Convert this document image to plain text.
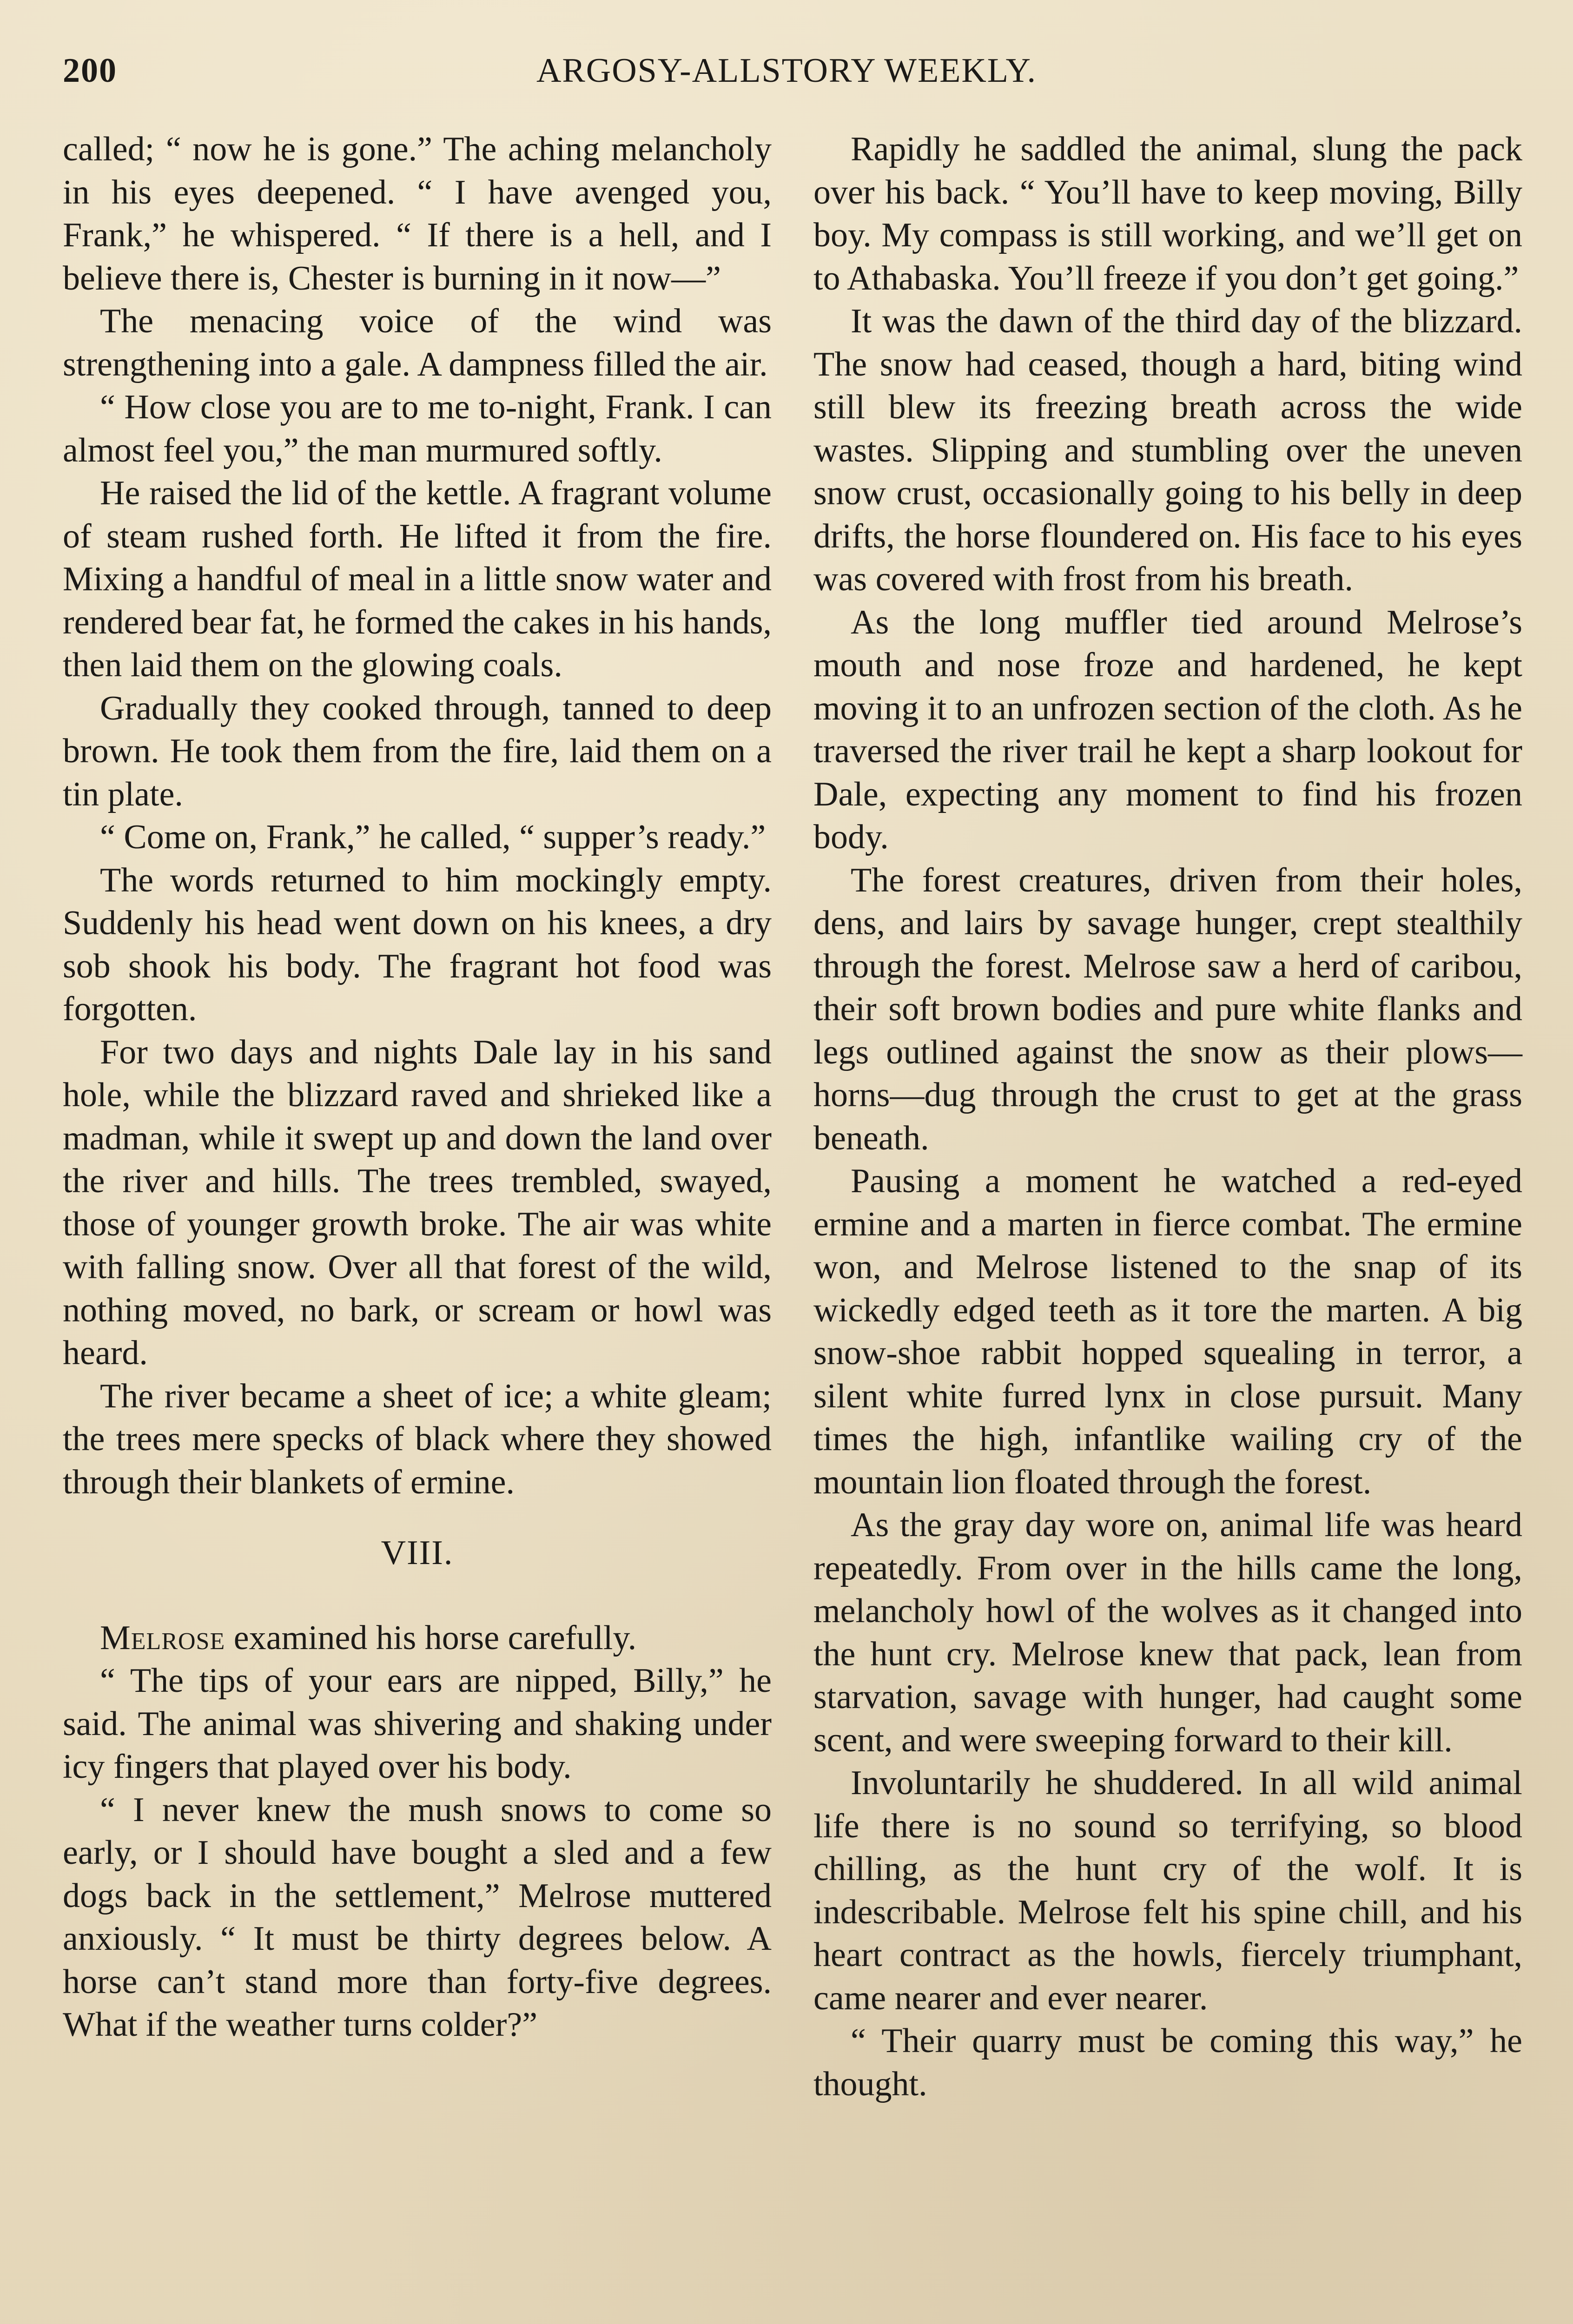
200	ARGOSY-ALLSTORY WEEKLY.

called; “ now he is gone.” The aching melancholy in his eyes deepened. “ I have avenged you, Frank,” he whispered. “ If there is a hell, and I believe there is, Chester is burning in it now—”

The menacing voice of the wind was strengthening into a gale. A dampness filled the air.

“ How close you are to me to-night, Frank. I can almost feel you,” the man murmured softly.

He raised the lid of the kettle. A fragrant volume of steam rushed forth. He lifted it from the fire. Mixing a handful of meal in a little snow water and rendered bear fat, he formed the cakes in his hands, then laid them on the glowing coals.

Gradually they cooked through, tanned to deep brown. He took them from the fire, laid them on a tin plate.

“ Come on, Frank,” he called, “ supper’s ready.”

The words returned to him mockingly empty. Suddenly his head went down on his knees, a dry sob shook his body. The fragrant hot food was forgotten.

For two days and nights Dale lay in his sand hole, while the blizzard raved and shrieked like a madman, while it swept up and down the land over the river and hills. The trees trembled, swayed, those of younger growth broke. The air was white with falling snow. Over all that forest of the wild, nothing moved, no bark, or scream or howl was heard.

The river became a sheet of ice; a white gleam; the trees mere specks of black where they showed through their blankets of ermine.

VIII.

Melrose examined his horse carefully.

“ The tips of your ears are nipped, Billy,” he said. The animal was shivering and shaking under icy fingers that played over his body.

“ I never knew the mush snows to come so early, or I should have bought a sled and a few dogs back in the settlement,” Melrose muttered anxiously. “ It must be thirty degrees below. A horse can’t stand more than forty-five degrees. What if the weather turns colder?”

Rapidly he saddled the animal, slung the pack over his back. “ You’ll have to keep moving, Billy boy. My compass is still working, and we’ll get on to Athabaska. You’ll freeze if you don’t get going.”

It was the dawn of the third day of the blizzard. The snow had ceased, though a hard, biting wind still blew its freezing breath across the wide wastes. Slipping and stumbling over the uneven snow crust, occasionally going to his belly in deep drifts, the horse floundered on. His face to his eyes was covered with frost from his breath.

As the long muffler tied around Melrose’s mouth and nose froze and hardened, he kept moving it to an unfrozen section of the cloth. As he traversed the river trail he kept a sharp lookout for Dale, expecting any moment to find his frozen body.

The forest creatures, driven from their holes, dens, and lairs by savage hunger, crept stealthily through the forest. Melrose saw a herd of caribou, their soft brown bodies and pure white flanks and legs outlined against the snow as their plows—horns—dug through the crust to get at the grass beneath.

Pausing a moment he watched a red-eyed ermine and a marten in fierce combat. The ermine won, and Melrose listened to the snap of its wickedly edged teeth as it tore the marten. A big snow-shoe rabbit hopped squealing in terror, a silent white furred lynx in close pursuit. Many times the high, infantlike wailing cry of the mountain lion floated through the forest.

As the gray day wore on, animal life was heard repeatedly. From over in the hills came the long, melancholy howl of the wolves as it changed into the hunt cry. Melrose knew that pack, lean from starvation, savage with hunger, had caught some scent, and were sweeping forward to their kill.

Involuntarily he shuddered. In all wild animal life there is no sound so terrifying, so blood chilling, as the hunt cry of the wolf. It is indescribable. Melrose felt his spine chill, and his heart contract as the howls, fiercely triumphant, came nearer and ever nearer.

“ Their quarry must be coming this way,” he thought.
